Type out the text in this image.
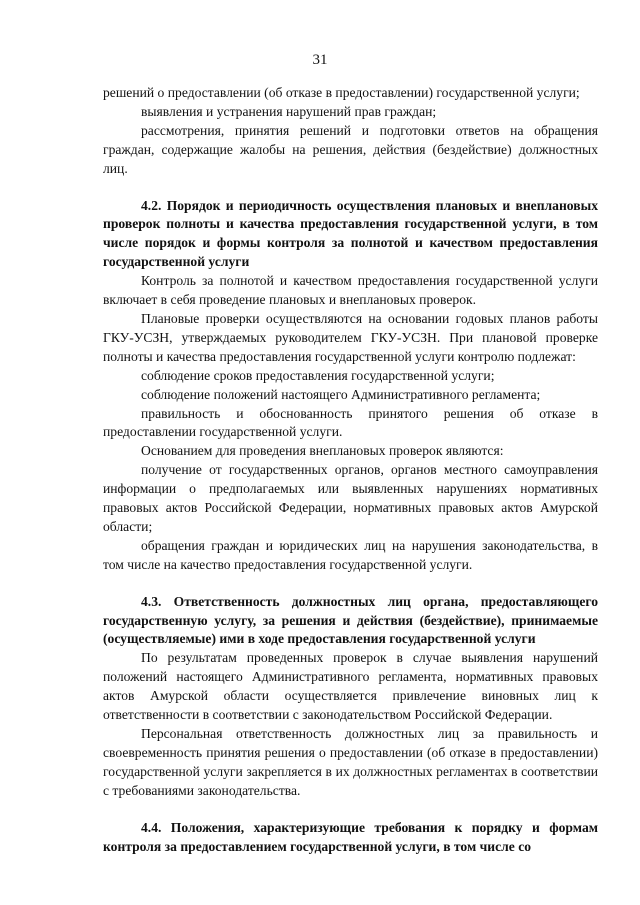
31

решений о предоставлении (об отказе в предоставлении) государственной услуги;

выявления и устранения нарушений прав граждан;

рассмотрения, принятия решений и подготовки ответов на обращения граждан, содержащие жалобы на решения, действия (бездействие) должностных лиц.

4.2. Порядок и периодичность осуществления плановых и внеплановых проверок полноты и качества предоставления государственной услуги, в том числе порядок и формы контроля за полнотой и качеством предоставления государственной услуги

Контроль за полнотой и качеством предоставления государственной услуги включает в себя проведение плановых и внеплановых проверок.

Плановые проверки осуществляются на основании годовых планов работы ГКУ-УСЗН, утверждаемых руководителем ГКУ-УСЗН. При плановой проверке полноты и качества предоставления государственной услуги контролю подлежат:

соблюдение сроков предоставления государственной услуги;

соблюдение положений настоящего Административного регламента;

правильность и обоснованность принятого решения об отказе в предоставлении государственной услуги.

Основанием для проведения внеплановых проверок являются:

получение от государственных органов, органов местного самоуправления информации о предполагаемых или выявленных нарушениях нормативных правовых актов Российской Федерации, нормативных правовых актов Амурской области;

обращения граждан и юридических лиц на нарушения законодательства, в том числе на качество предоставления государственной услуги.

4.3. Ответственность должностных лиц органа, предоставляющего государственную услугу, за решения и действия (бездействие), принимаемые (осуществляемые) ими в ходе предоставления государственной услуги

По результатам проведенных проверок в случае выявления нарушений положений настоящего Административного регламента, нормативных правовых актов Амурской области осуществляется привлечение виновных лиц к ответственности в соответствии с законодательством Российской Федерации.

Персональная ответственность должностных лиц за правильность и своевременность принятия решения о предоставлении (об отказе в предоставлении) государственной услуги закрепляется в их должностных регламентах в соответствии с требованиями законодательства.

4.4. Положения, характеризующие требования к порядку и формам контроля за предоставлением государственной услуги, в том числе со
